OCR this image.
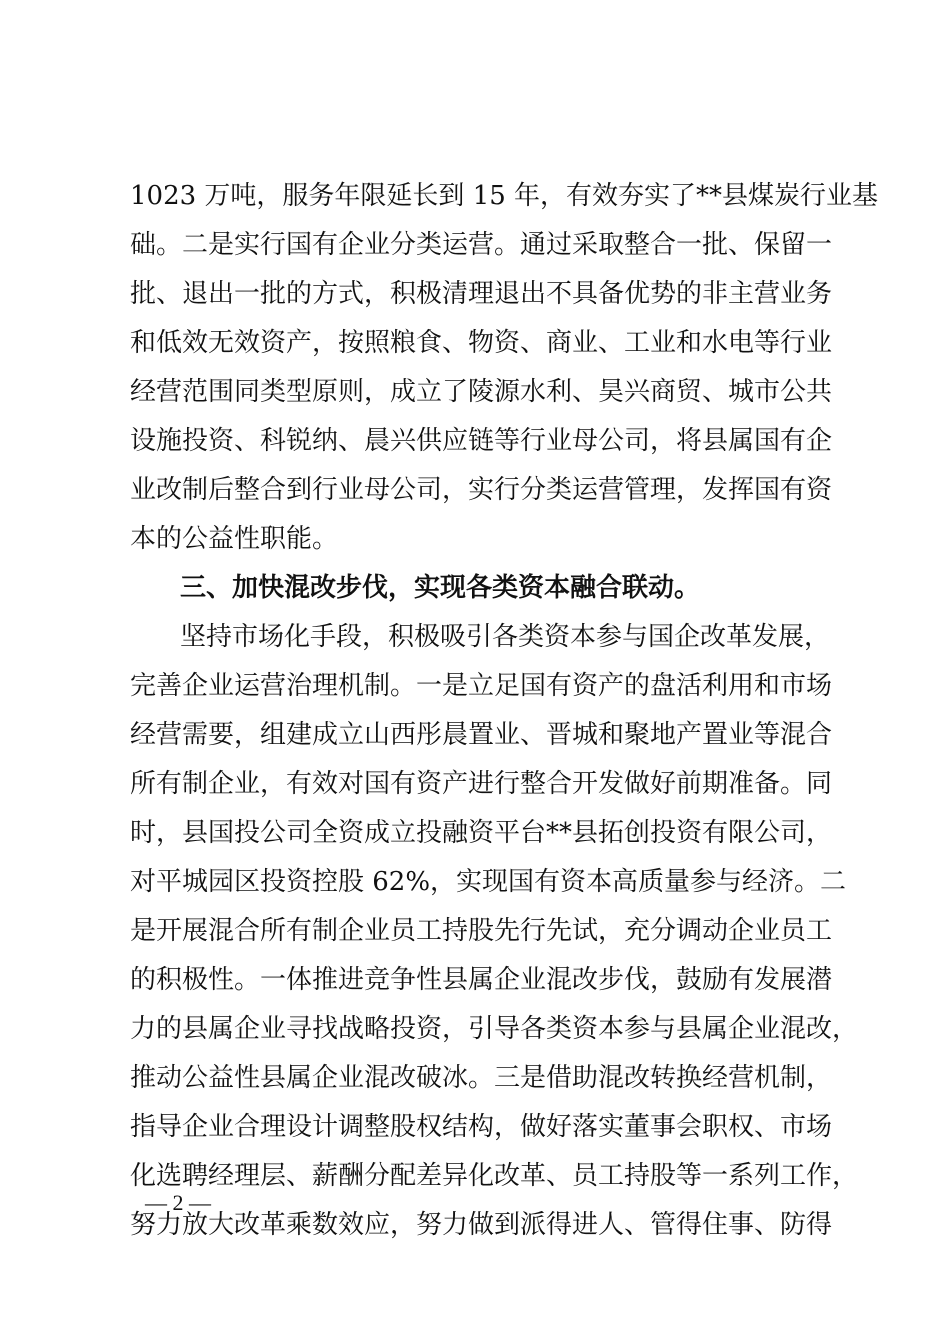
1023 万吨，服务年限延长到 15 年，有效夯实了**县煤炭行业基
础。二是实行国有企业分类运营。通过采取整合一批、保留一
批、退出一批的方式，积极清理退出不具备优势的非主营业务
和低效无效资产，按照粮食、物资、商业、工业和水电等行业
经营范围同类型原则，成立了陵源水利、昊兴商贸、城市公共
设施投资、科锐纳、晨兴供应链等行业母公司，将县属国有企
业改制后整合到行业母公司，实行分类运营管理，发挥国有资
本的公益性职能。
三、加快混改步伐，实现各类资本融合联动。
坚持市场化手段，积极吸引各类资本参与国企改革发展，
完善企业运营治理机制。一是立足国有资产的盘活利用和市场
经营需要，组建成立山西彤晨置业、晋城和聚地产置业等混合
所有制企业，有效对国有资产进行整合开发做好前期准备。同
时，县国投公司全资成立投融资平台**县拓创投资有限公司，
对平城园区投资控股 62%，实现国有资本高质量参与经济。二
是开展混合所有制企业员工持股先行先试，充分调动企业员工
的积极性。一体推进竞争性县属企业混改步伐，鼓励有发展潜
力的县属企业寻找战略投资，引导各类资本参与县属企业混改，
推动公益性县属企业混改破冰。三是借助混改转换经营机制，
指导企业合理设计调整股权结构，做好落实董事会职权、市场
化选聘经理层、薪酬分配差异化改革、员工持股等一系列工作，
努力放大改革乘数效应，努力做到派得进人、管得住事、防得
— 2 —
